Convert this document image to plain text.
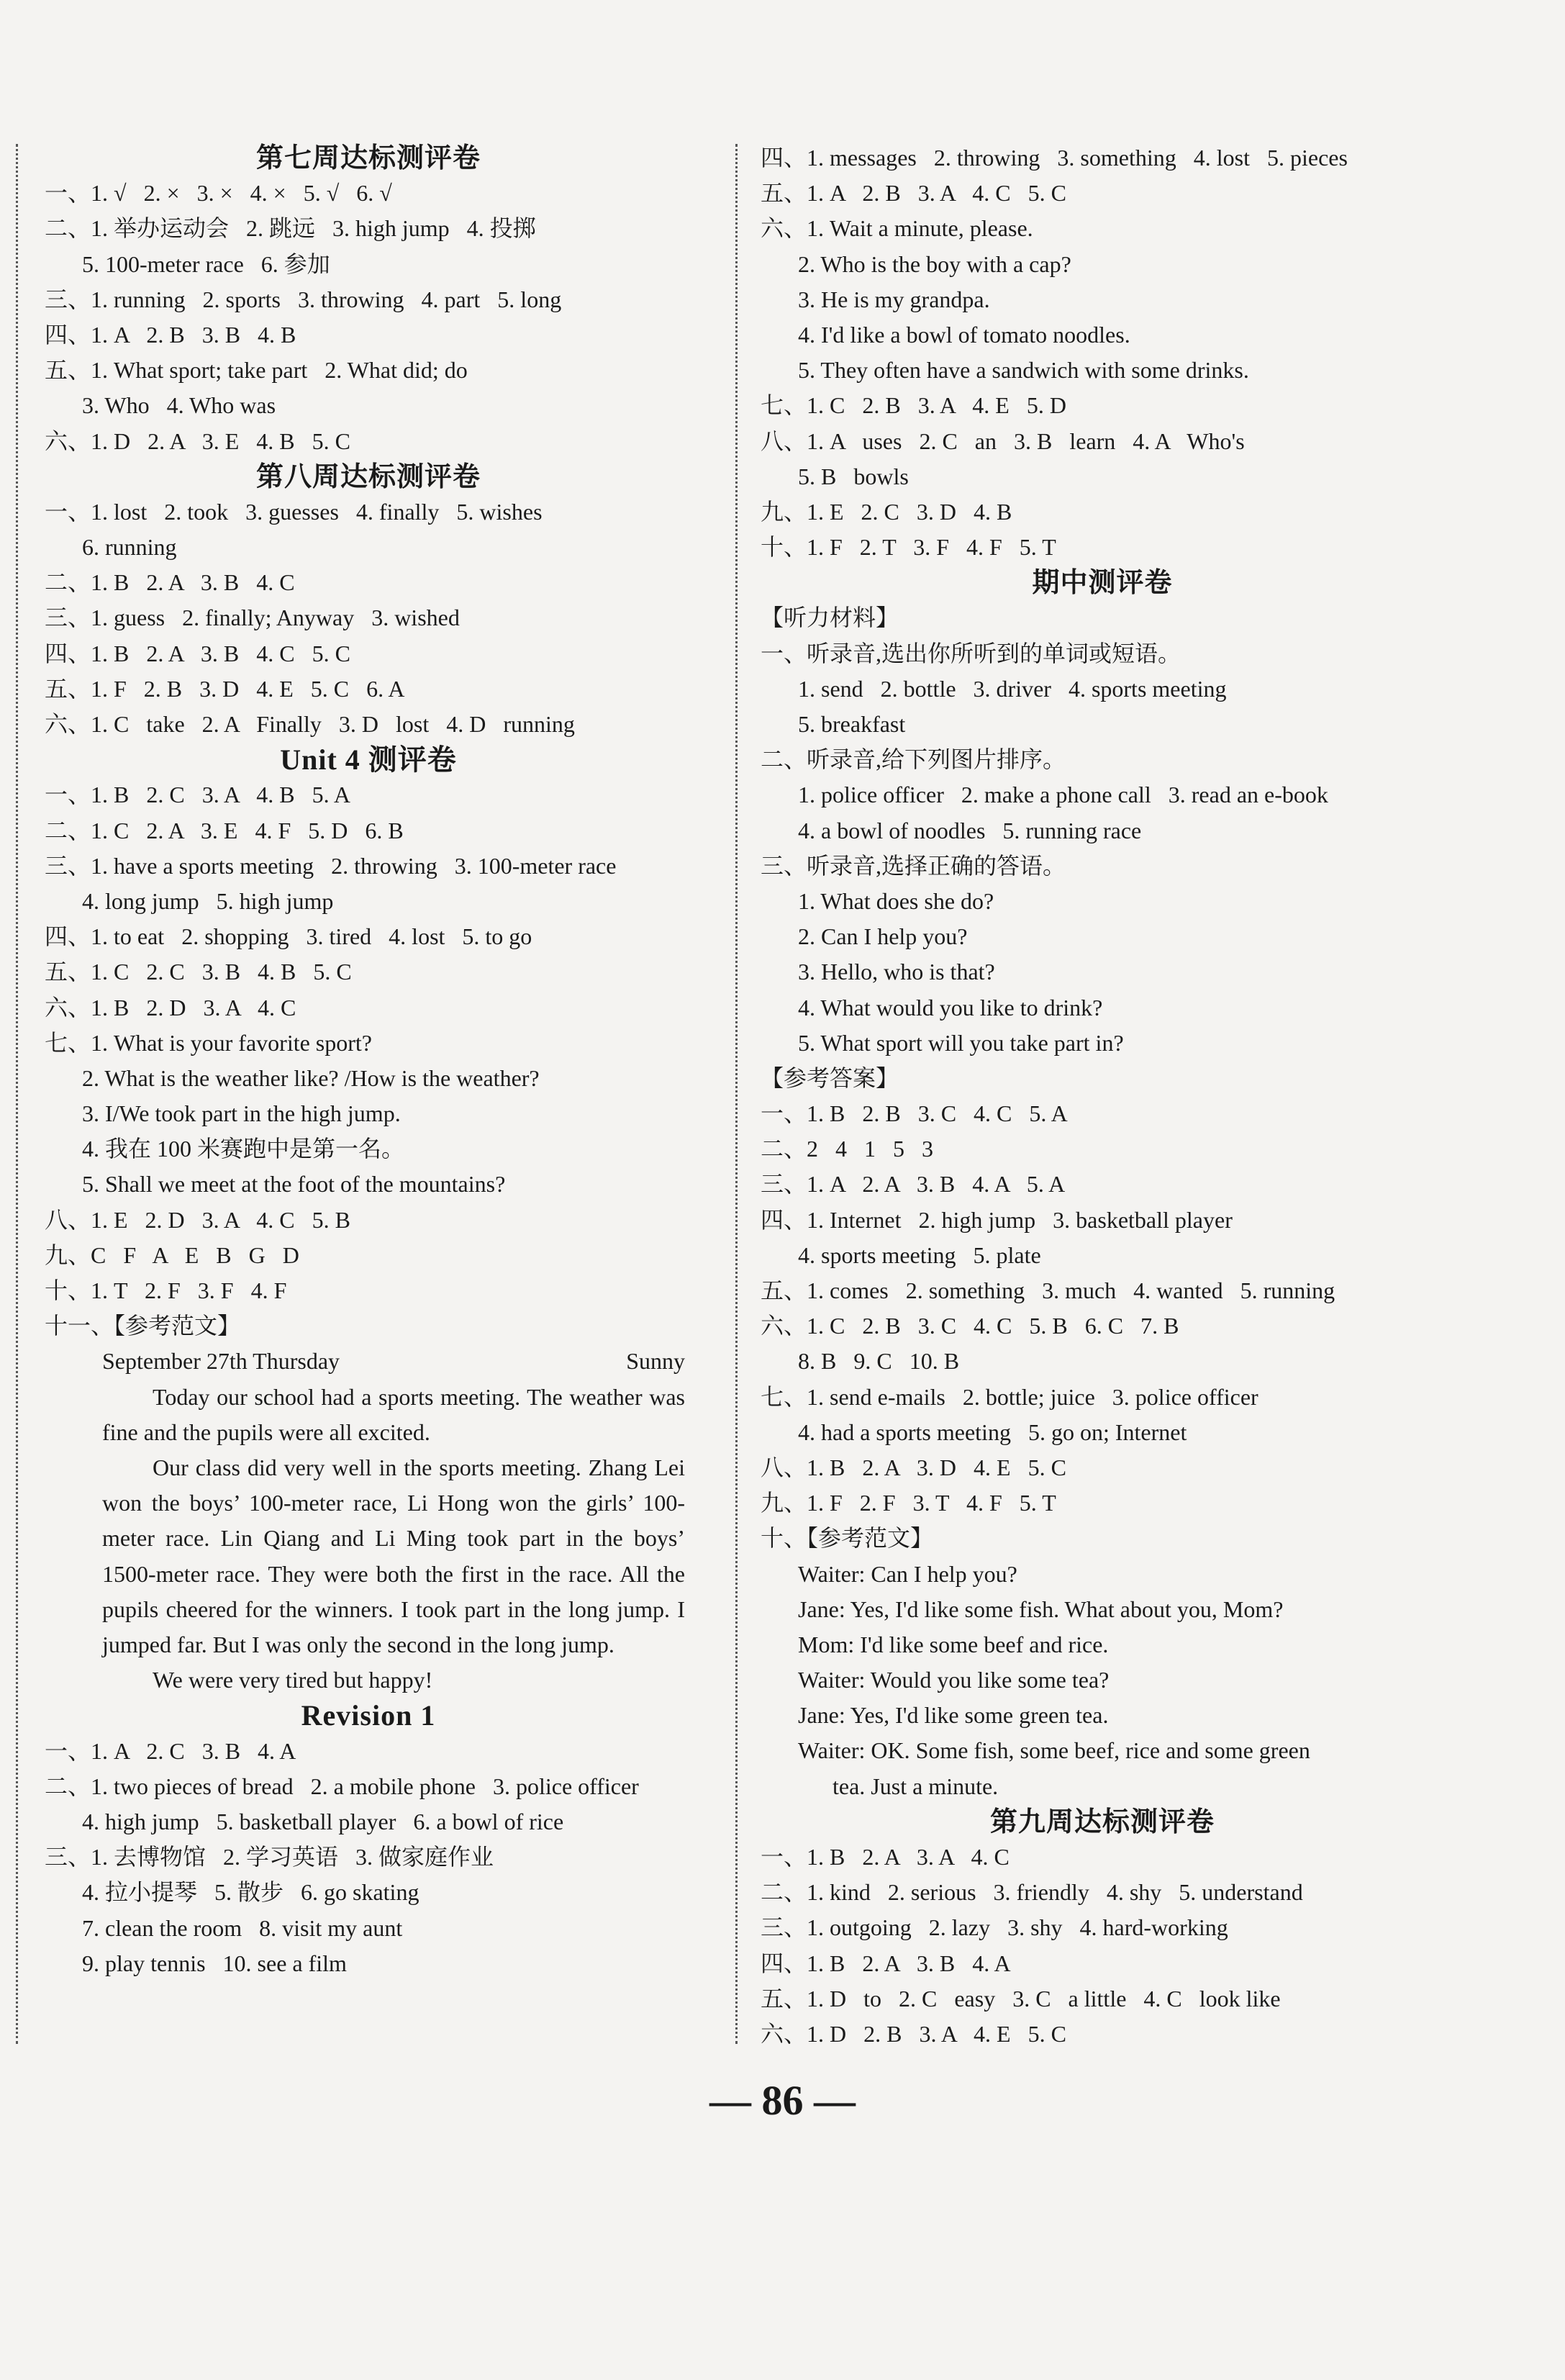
第七周达标测评卷
一、1. √   2. ×   3. ×   4. ×   5. √   6. √
二、1. 举办运动会   2. 跳远   3. high jump   4. 投掷
5. 100-meter race   6. 参加
三、1. running   2. sports   3. throwing   4. part   5. long
四、1. A   2. B   3. B   4. B
五、1. What sport; take part   2. What did; do
3. Who   4. Who was
六、1. D   2. A   3. E   4. B   5. C
第八周达标测评卷
一、1. lost   2. took   3. guesses   4. finally   5. wishes
6. running
二、1. B   2. A   3. B   4. C
三、1. guess   2. finally; Anyway   3. wished
四、1. B   2. A   3. B   4. C   5. C
五、1. F   2. B   3. D   4. E   5. C   6. A
六、1. C   take   2. A   Finally   3. D   lost   4. D   running
Unit 4 测评卷
一、1. B   2. C   3. A   4. B   5. A
二、1. C   2. A   3. E   4. F   5. D   6. B
三、1. have a sports meeting   2. throwing   3. 100-meter race
4. long jump   5. high jump
四、1. to eat   2. shopping   3. tired   4. lost   5. to go
五、1. C   2. C   3. B   4. B   5. C
六、1. B   2. D   3. A   4. C
七、1. What is your favorite sport?
2. What is the weather like? /How is the weather?
3. I/We took part in the high jump.
4. 我在 100 米赛跑中是第一名。
5. Shall we meet at the foot of the mountains?
八、1. E   2. D   3. A   4. C   5. B
九、C   F   A   E   B   G   D
十、1. T   2. F   3. F   4. F
十一、【参考范文】
September 27th Thursday	Sunny

Today our school had a sports meeting. The weather was fine and the pupils were all excited.

Our class did very well in the sports meeting. Zhang Lei won the boys’ 100-meter race, Li Hong won the girls’ 100-meter race. Lin Qiang and Li Ming took part in the boys’ 1500-meter race. They were both the first in the race. All the pupils cheered for the winners. I took part in the long jump. I jumped far. But I was only the second in the long jump.

We were very tired but happy!

Revision 1
一、1. A   2. C   3. B   4. A
二、1. two pieces of bread   2. a mobile phone   3. police officer
4. high jump   5. basketball player   6. a bowl of rice
三、1. 去博物馆   2. 学习英语   3. 做家庭作业
4. 拉小提琴   5. 散步   6. go skating
7. clean the room   8. visit my aunt
9. play tennis   10. see a film
四、1. messages   2. throwing   3. something   4. lost   5. pieces
五、1. A   2. B   3. A   4. C   5. C
六、1. Wait a minute, please.
2. Who is the boy with a cap?
3. He is my grandpa.
4. I'd like a bowl of tomato noodles.
5. They often have a sandwich with some drinks.
七、1. C   2. B   3. A   4. E   5. D
八、1. A   uses   2. C   an   3. B   learn   4. A   Who's
5. B   bowls
九、1. E   2. C   3. D   4. B
十、1. F   2. T   3. F   4. F   5. T
期中测评卷
【听力材料】
一、听录音,选出你所听到的单词或短语。
1. send   2. bottle   3. driver   4. sports meeting
5. breakfast
二、听录音,给下列图片排序。
1. police officer   2. make a phone call   3. read an e-book
4. a bowl of noodles   5. running race
三、听录音,选择正确的答语。
1. What does she do?
2. Can I help you?
3. Hello, who is that?
4. What would you like to drink?
5. What sport will you take part in?
【参考答案】
一、1. B   2. B   3. C   4. C   5. A
二、2   4   1   5   3
三、1. A   2. A   3. B   4. A   5. A
四、1. Internet   2. high jump   3. basketball player
4. sports meeting   5. plate
五、1. comes   2. something   3. much   4. wanted   5. running
六、1. C   2. B   3. C   4. C   5. B   6. C   7. B
8. B   9. C   10. B
七、1. send e-mails   2. bottle; juice   3. police officer
4. had a sports meeting   5. go on; Internet
八、1. B   2. A   3. D   4. E   5. C
九、1. F   2. F   3. T   4. F   5. T
十、【参考范文】
Waiter: Can I help you?
Jane: Yes, I'd like some fish. What about you, Mom?
Mom: I'd like some beef and rice.
Waiter: Would you like some tea?
Jane: Yes, I'd like some green tea.
Waiter: OK. Some fish, some beef, rice and some green
tea. Just a minute.
第九周达标测评卷
一、1. B   2. A   3. A   4. C
二、1. kind   2. serious   3. friendly   4. shy   5. understand
三、1. outgoing   2. lazy   3. shy   4. hard-working
四、1. B   2. A   3. B   4. A
五、1. D   to   2. C   easy   3. C   a little   4. C   look like
六、1. D   2. B   3. A   4. E   5. C
— 86 —
